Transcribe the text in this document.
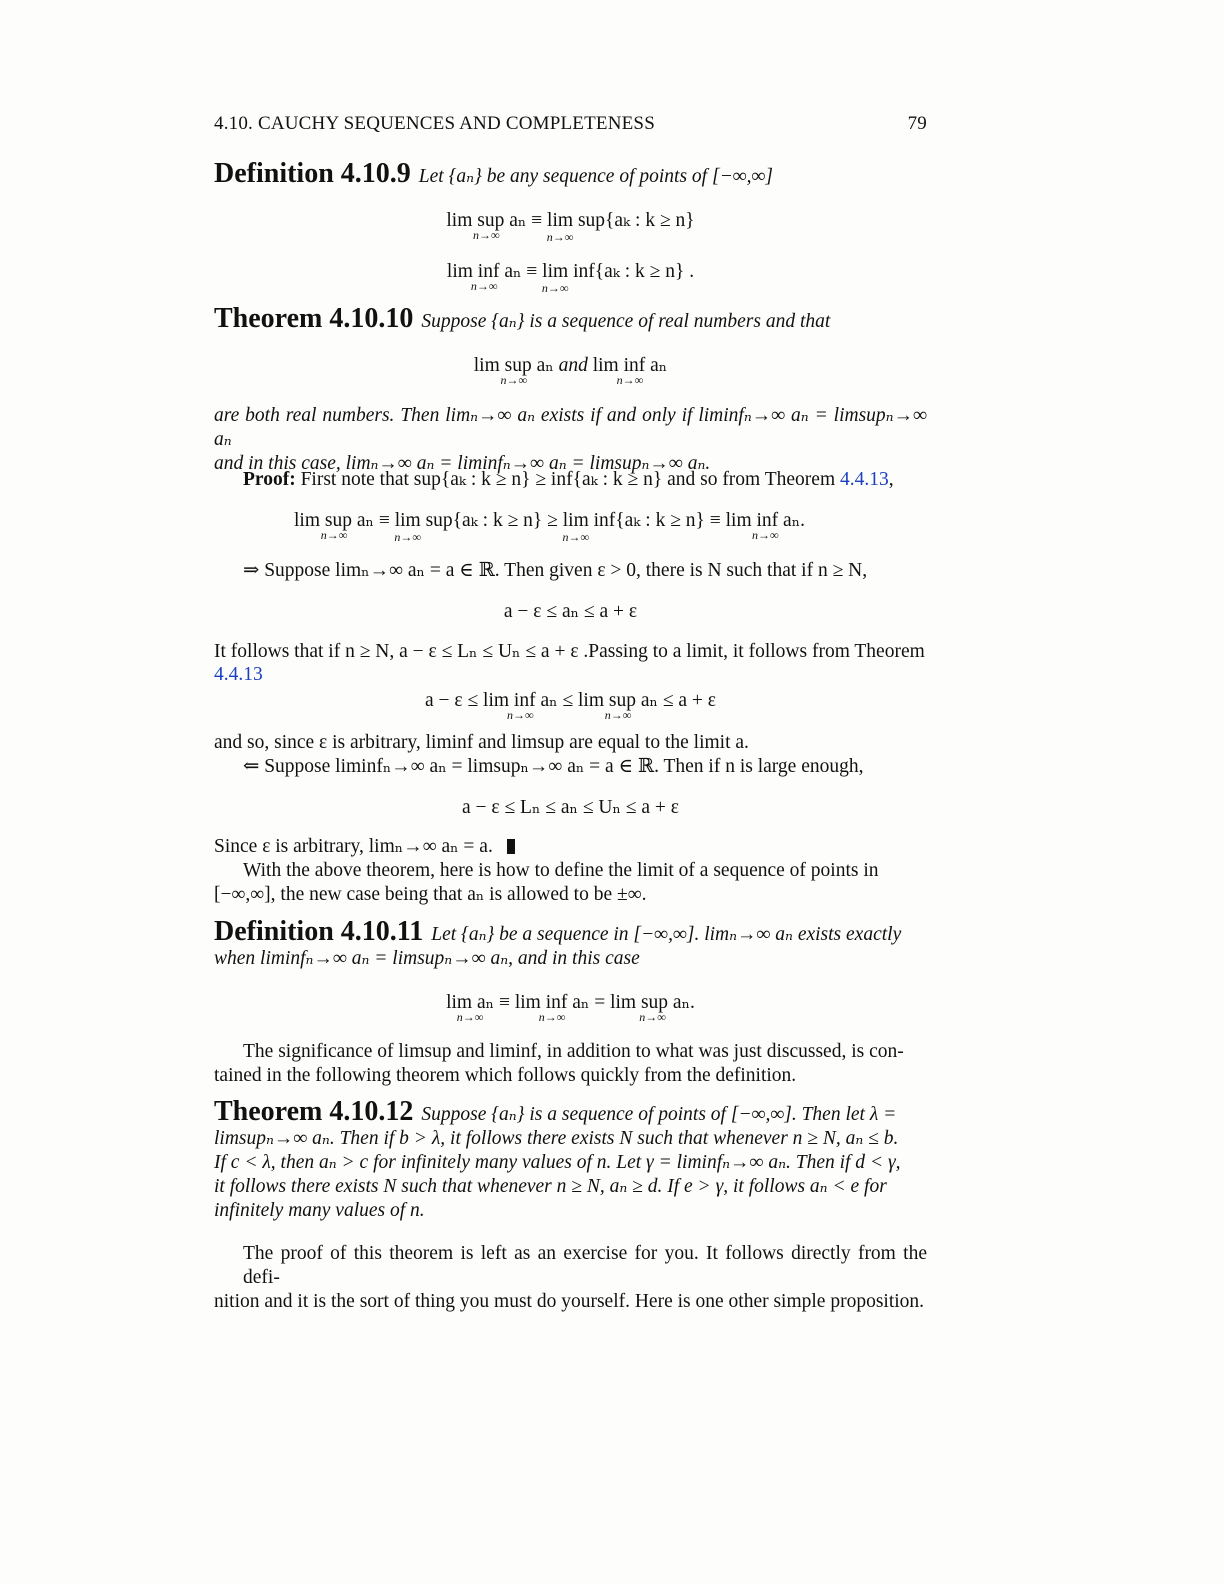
4.10. CAUCHY SEQUENCES AND COMPLETENESS	79
Definition 4.10.9 Let {aₙ} be any sequence of points of [−∞,∞]
lim sup aₙ
n→∞
≡ lim
n→∞
sup{aₖ : k ≥ n}
lim inf aₙ
n→∞
≡ lim
n→∞
inf{aₖ : k ≥ n} .
Theorem 4.10.10 Suppose {aₙ} is a sequence of real numbers and that
lim sup aₙ
n→∞
and lim inf aₙ
n→∞
are both real numbers. Then limₙ→∞ aₙ exists if and only if liminfₙ→∞ aₙ = limsupₙ→∞ aₙ
and in this case, limₙ→∞ aₙ = liminfₙ→∞ aₙ = limsupₙ→∞ aₙ.
Proof: First note that sup{aₖ : k ≥ n} ≥ inf{aₖ : k ≥ n} and so from Theorem 4.4.13,
lim sup aₙ
n→∞
≡ lim
n→∞
sup{aₖ : k ≥ n} ≥ lim
n→∞
inf{aₖ : k ≥ n} ≡ lim inf aₙ.
n→∞
⇒ Suppose limₙ→∞ aₙ = a ∈ ℝ. Then given ε > 0, there is N such that if n ≥ N,
a − ε ≤ aₙ ≤ a + ε
It follows that if n ≥ N, a − ε ≤ Lₙ ≤ Uₙ ≤ a + ε .Passing to a limit, it follows from Theorem
4.4.13
a − ε ≤ lim inf aₙ
n→∞
≤ lim sup aₙ
n→∞
≤ a + ε
and so, since ε is arbitrary, liminf and limsup are equal to the limit a.
⇐ Suppose liminfₙ→∞ aₙ = limsupₙ→∞ aₙ = a ∈ ℝ. Then if n is large enough,
a − ε ≤ Lₙ ≤ aₙ ≤ Uₙ ≤ a + ε
Since ε is arbitrary, limₙ→∞ aₙ = a.
With the above theorem, here is how to define the limit of a sequence of points in
[−∞,∞], the new case being that aₙ is allowed to be ±∞.
Definition 4.10.11 Let {aₙ} be a sequence in [−∞,∞]. limₙ→∞ aₙ exists exactly
when liminfₙ→∞ aₙ = limsupₙ→∞ aₙ, and in this case
lim aₙ
n→∞
≡ lim inf aₙ
n→∞
= lim sup aₙ.
n→∞
The significance of limsup and liminf, in addition to what was just discussed, is con-
tained in the following theorem which follows quickly from the definition.
Theorem 4.10.12 Suppose {aₙ} is a sequence of points of [−∞,∞]. Then let λ =
limsupₙ→∞ aₙ. Then if b > λ, it follows there exists N such that whenever n ≥ N, aₙ ≤ b.
If c < λ, then aₙ > c for infinitely many values of n. Let γ = liminfₙ→∞ aₙ. Then if d < γ,
it follows there exists N such that whenever n ≥ N, aₙ ≥ d. If e > γ, it follows aₙ < e for
infinitely many values of n.
The proof of this theorem is left as an exercise for you. It follows directly from the defi-
nition and it is the sort of thing you must do yourself. Here is one other simple proposition.
